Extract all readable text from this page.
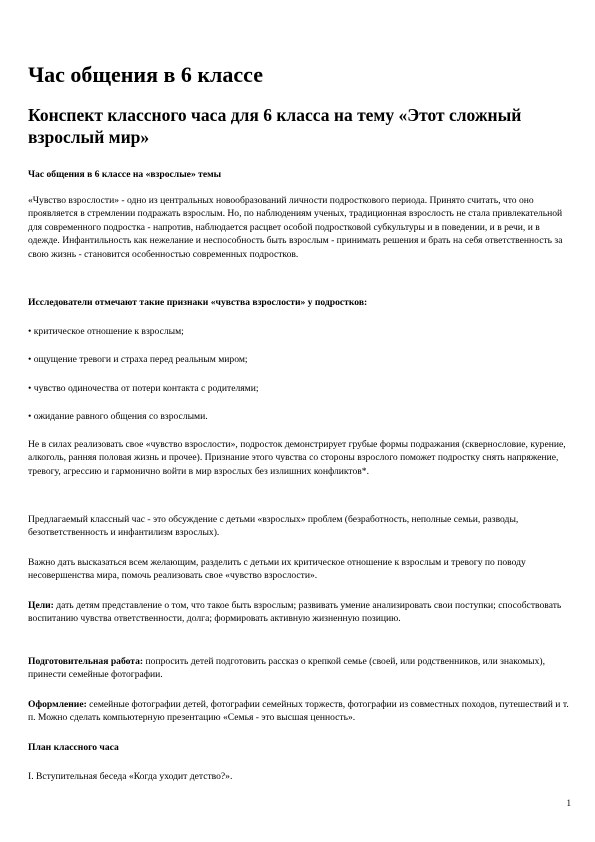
Час общения в 6 классе
Конспект классного часа для 6 класса на тему «Этот сложный взрослый мир»

Час общения в 6 классе на «взрослые» темы

«Чувство взрослости» - одно из центральных новообразований личности подросткового периода. Принято считать, что оно проявляется в стремлении подражать взрослым. Но, по наблюдениям ученых, традиционная взрослость не стала привлекательной для современного подростка - напротив, наблюдается расцвет особой подростковой субкультуры и в поведении, и в речи, и в одежде. Инфантильность как нежелание и неспособность быть взрослым - принимать решения и брать на себя ответственность за свою жизнь - становится особенностью современных подростков.

Исследователи отмечают такие признаки «чувства взрослости» у подростков:

• критическое отношение к взрослым;

• ощущение тревоги и страха перед реальным миром;

• чувство одиночества от потери контакта с родителями;

• ожидание равного общения со взрослыми.

Не в силах реализовать свое «чувство взрослости», подросток демонстрирует грубые формы подражания (сквернословие, курение, алкоголь, ранняя половая жизнь и прочее). Признание этого чувства со стороны взрослого поможет подростку снять напряжение, тревогу, агрессию и гармонично войти в мир взрослых без излишних конфликтов*.

Предлагаемый классный час - это обсуждение с детьми «взрослых» проблем (безработность, неполные семьи, разводы, безответственность и инфантилизм взрослых).

Важно дать высказаться всем желающим, разделить с детьми их критическое отношение к взрослым и тревогу по поводу несовершенства мира, помочь реализовать свое «чувство взрослости».

Цели: дать детям представление о том, что такое быть взрослым; развивать умение анализировать свои поступки; способствовать воспитанию чувства ответственности, долга; формировать активную жизненную позицию.

Подготовительная работа: попросить детей подготовить рассказ о крепкой семье (своей, или родственников, или знакомых), принести семейные фотографии.

Оформление: семейные фотографии детей, фотографии семейных торжеств, фотографии из совместных походов, путешествий и т. п. Можно сделать компьютерную презентацию «Семья - это высшая ценность».

План классного часа

I. Вступительная беседа «Когда уходит детство?».

1
